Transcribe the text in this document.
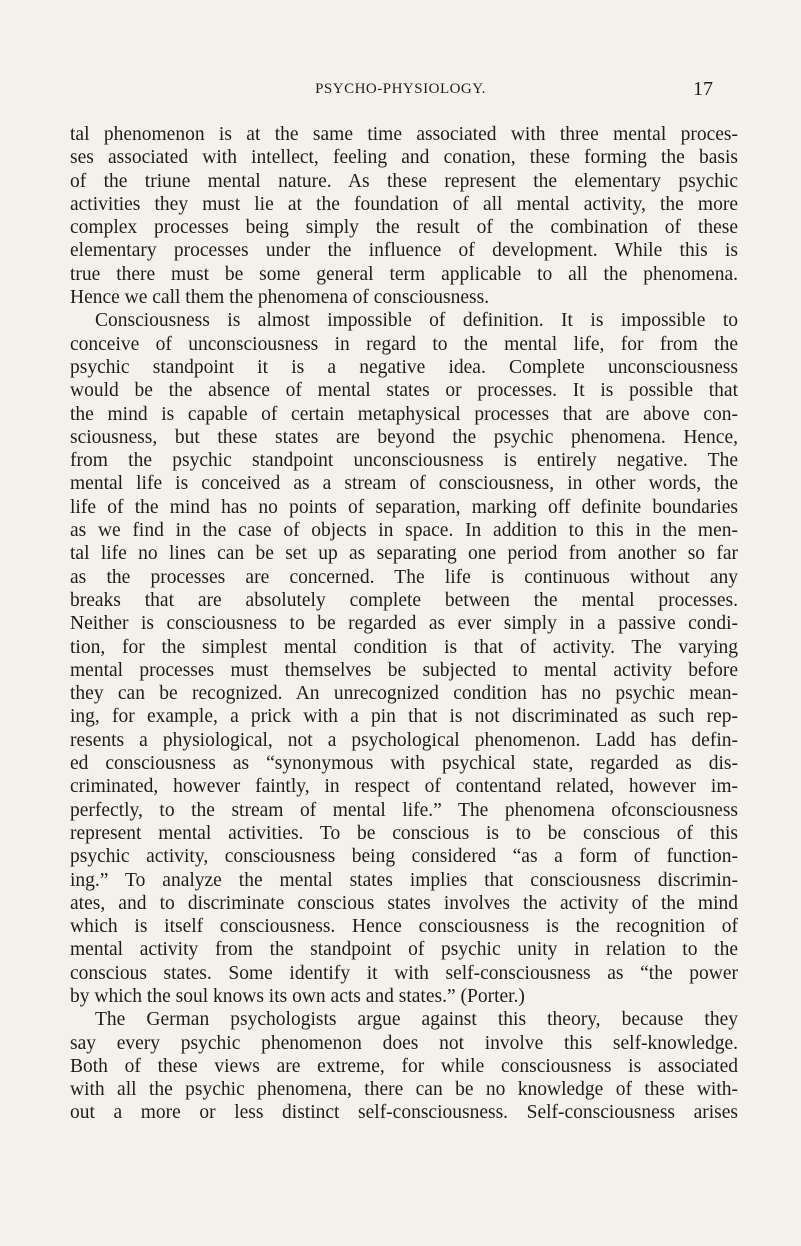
PSYCHO-PHYSIOLOGY.	17
tal phenomenon is at the same time associated with three mental proces-
ses associated with intellect, feeling and conation, these forming the basis
of the triune mental nature. As these represent the elementary psychic
activities they must lie at the foundation of all mental activity, the more
complex processes being simply the result of the combination of these
elementary processes under the influence of development. While this is
true there must be some general term applicable to all the phenomena.
Hence we call them the phenomena of consciousness.
Consciousness is almost impossible of definition. It is impossible to
conceive of unconsciousness in regard to the mental life, for from the
psychic standpoint it is a negative idea. Complete unconsciousness
would be the absence of mental states or processes. It is possible that
the mind is capable of certain metaphysical processes that are above con-
sciousness, but these states are beyond the psychic phenomena. Hence,
from the psychic standpoint unconsciousness is entirely negative. The
mental life is conceived as a stream of consciousness, in other words, the
life of the mind has no points of separation, marking off definite boundaries
as we find in the case of objects in space. In addition to this in the men-
tal life no lines can be set up as separating one period from another so far
as the processes are concerned. The life is continuous without any
breaks that are absolutely complete between the mental processes.
Neither is consciousness to be regarded as ever simply in a passive condi-
tion, for the simplest mental condition is that of activity. The varying
mental processes must themselves be subjected to mental activity before
they can be recognized. An unrecognized condition has no psychic mean-
ing, for example, a prick with a pin that is not discriminated as such rep-
resents a physiological, not a psychological phenomenon. Ladd has defin-
ed consciousness as “synonymous with psychical state, regarded as dis-
criminated, however faintly, in respect of contentand related, however im-
perfectly, to the stream of mental life.” The phenomena ofconsciousness
represent mental activities. To be conscious is to be conscious of this
psychic activity, consciousness being considered “as a form of function-
ing.” To analyze the mental states implies that consciousness discrimin-
ates, and to discriminate conscious states involves the activity of the mind
which is itself consciousness. Hence consciousness is the recognition of
mental activity from the standpoint of psychic unity in relation to the
conscious states. Some identify it with self-consciousness as “the power
by which the soul knows its own acts and states.” (Porter.)
The German psychologists argue against this theory, because they
say every psychic phenomenon does not involve this self-knowledge.
Both of these views are extreme, for while consciousness is associated
with all the psychic phenomena, there can be no knowledge of these with-
out a more or less distinct self-consciousness. Self-consciousness arises
